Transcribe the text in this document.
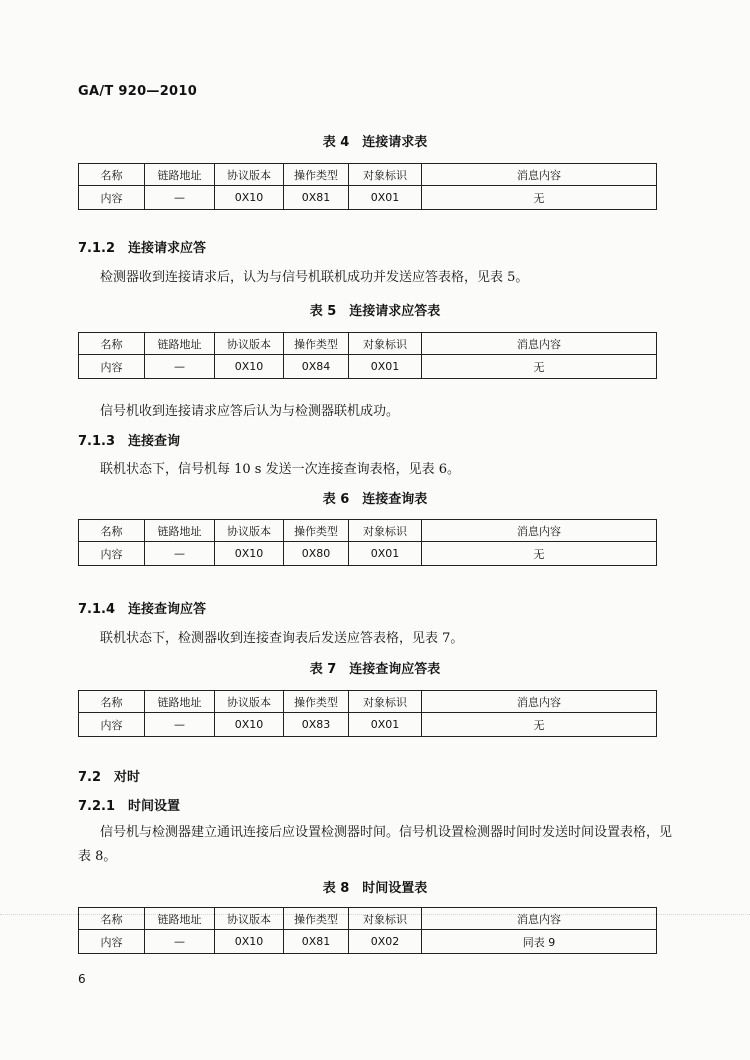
GA/T 920—2010
表 4　连接请求表
名称	链路地址	协议版本	操作类型	对象标识	消息内容
内容	—	0X10	0X81	0X01	无
7.1.2　连接请求应答
检测器收到连接请求后，认为与信号机联机成功并发送应答表格，见表 5。
表 5　连接请求应答表
名称	链路地址	协议版本	操作类型	对象标识	消息内容
内容	—	0X10	0X84	0X01	无
信号机收到连接请求应答后认为与检测器联机成功。
7.1.3　连接查询
联机状态下，信号机每 10 s 发送一次连接查询表格，见表 6。
表 6　连接查询表
名称	链路地址	协议版本	操作类型	对象标识	消息内容
内容	—	0X10	0X80	0X01	无
7.1.4　连接查询应答
联机状态下，检测器收到连接查询表后发送应答表格，见表 7。
表 7　连接查询应答表
名称	链路地址	协议版本	操作类型	对象标识	消息内容
内容	—	0X10	0X83	0X01	无
7.2　对时
7.2.1　时间设置
信号机与检测器建立通讯连接后应设置检测器时间。信号机设置检测器时间时发送时间设置表格，见表 8。
表 8　时间设置表
名称	链路地址	协议版本	操作类型	对象标识	消息内容
内容	—	0X10	0X81	0X02	同表 9
6
